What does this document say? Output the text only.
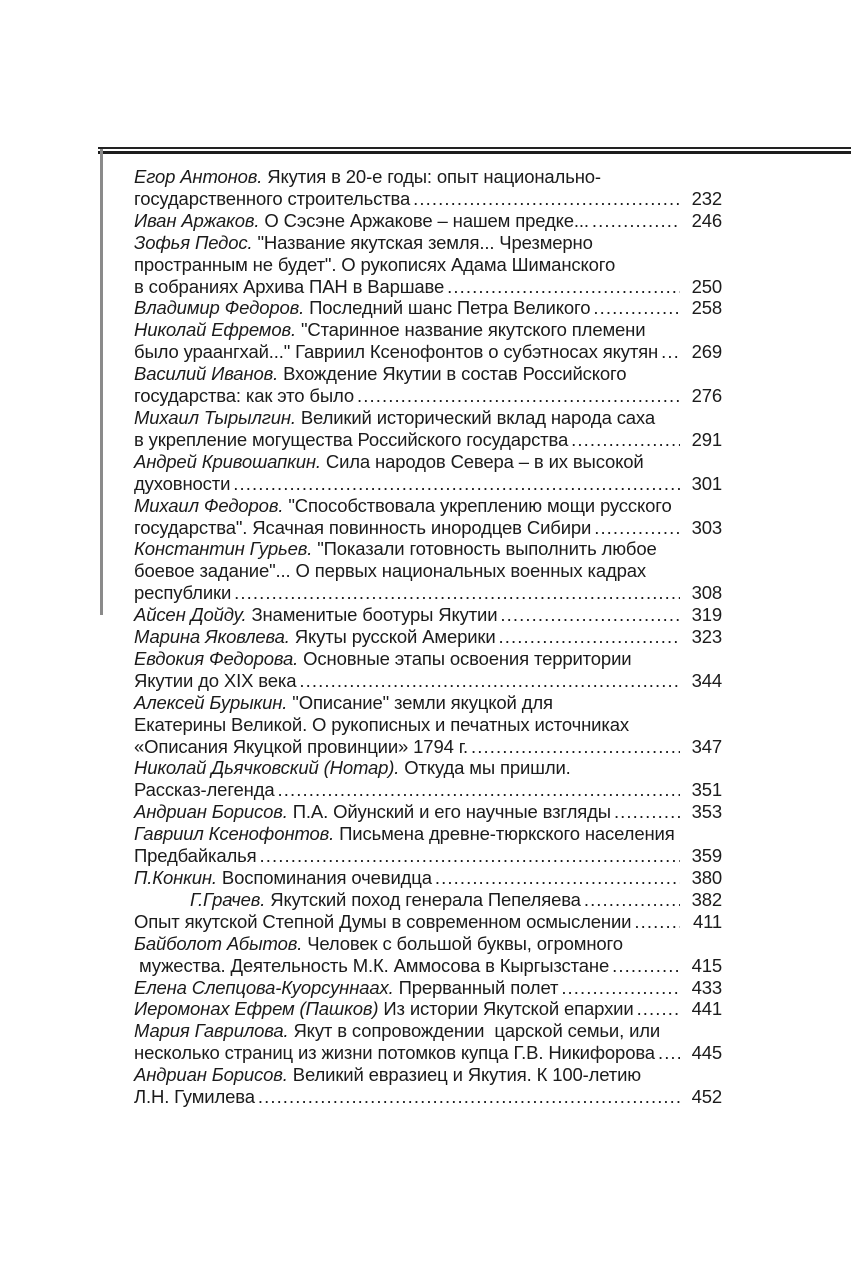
Егор Антонов. Якутия в 20-е годы: опыт национально-
государственного строительства .....	232
Иван Аржаков. О Сэсэне Аржакове – нашем предке... .....	246
Зофья Педос. "Название якутская земля... Чрезмерно
пространным не будет". О рукописях Адама Шиманского
в собраниях Архива ПАН в Варшаве .....	250
Владимир Федоров. Последний шанс Петра Великого .....	258
Николай Ефремов. "Старинное название якутского племени
было ураангхай..." Гавриил Ксенофонтов о субэтносах якутян .....	269
Василий Иванов. Вхождение Якутии в состав Российского
государства: как это было .....	276
Михаил Тырылгин. Великий исторический вклад народа саха
в укрепление могущества Российского государства .....	291
Андрей Кривошапкин. Сила народов Севера – в их высокой
духовности .....	301
Михаил Федоров. "Способствовала укреплению мощи русского
государства". Ясачная повинность инородцев Сибири .....	303
Константин Гурьев. "Показали готовность выполнить любое
боевое задание"... О первых национальных военных кадрах
республики .....	308
Айсен Дойду. Знаменитые боотуры Якутии .....	319
Марина Яковлева. Якуты русской Америки .....	323
Евдокия Федорова. Основные этапы освоения территории
Якутии до XIX века .....	344
Алексей Бурыкин. "Описание" земли якуцкой для
Екатерины Великой. О рукописных и печатных источниках
«Описания Якуцкой провинции» 1794 г. .....	347
Николай Дьячковский (Нотар). Откуда мы пришли.
Рассказ-легенда .....	351
Андриан Борисов. П.А. Ойунский и его научные взгляды .....	353
Гавриил Ксенофонтов. Письмена древне-тюркского населения
Предбайкалья .....	359
П.Конкин. Воспоминания очевидца .....	380
Г.Грачев. Якутский поход генерала Пепеляева .....	382
Опыт якутской Степной Думы в современном осмыслении .....	411
Байболот Абытов. Человек с большой буквы, огромного
мужества. Деятельность М.К. Аммосова в Кыргызстане .....	415
Елена Слепцова-Куорсуннаах. Прерванный полет .....	433
Иеромонах Ефрем (Пашков) Из истории Якутской епархии .....	441
Мария Гаврилова. Якут в сопровождении  царской семьи, или
несколько страниц из жизни потомков купца Г.В. Никифорова .....	445
Андриан Борисов. Великий евразиец и Якутия. К 100-летию
Л.Н. Гумилева .....	452
